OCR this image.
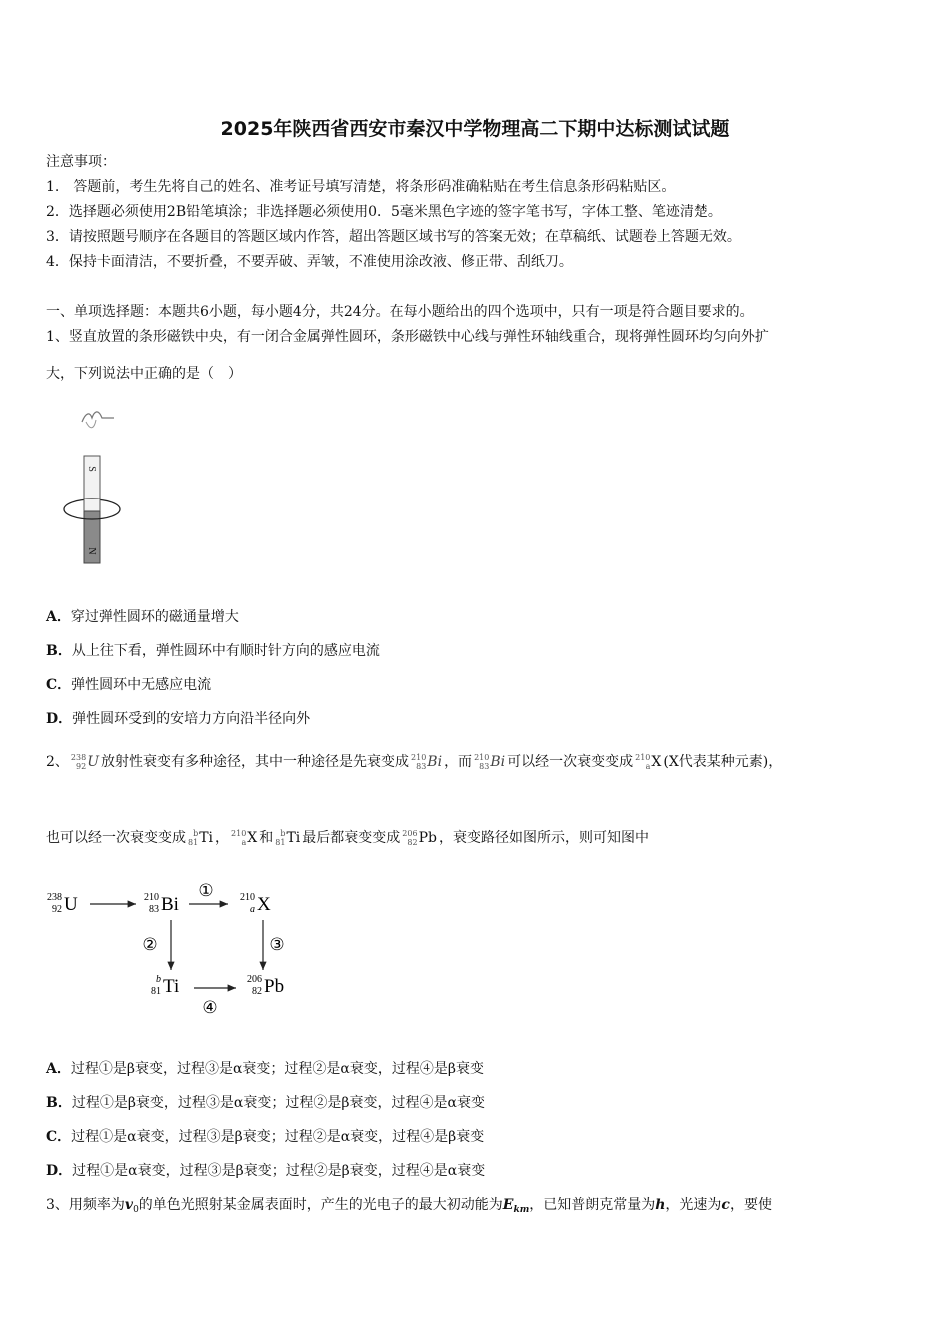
2025年陕西省西安市秦汉中学物理高二下期中达标测试试题
注意事项：
1.　答题前，考生先将自己的姓名、准考证号填写清楚，将条形码准确粘贴在考生信息条形码粘贴区。
2．选择题必须使用2B铅笔填涂；非选择题必须使用0．5毫米黑色字迹的签字笔书写，字体工整、笔迹清楚。
3．请按照题号顺序在各题目的答题区域内作答，超出答题区域书写的答案无效；在草稿纸、试题卷上答题无效。
4．保持卡面清洁，不要折叠，不要弄破、弄皱，不准使用涂改液、修正带、刮纸刀。
一、单项选择题：本题共6小题，每小题4分，共24分。在每小题给出的四个选项中，只有一项是符合题目要求的。
1、竖直放置的条形磁铁中央，有一闭合金属弹性圆环，条形磁铁中心线与弹性环轴线重合，现将弹性圆环均匀向外扩
大，下列说法中正确的是（　）
S
N
A．穿过弹性圆环的磁通量增大
B．从上往下看，弹性圆环中有顺时针方向的感应电流
C．弹性圆环中无感应电流
D．弹性圆环受到的安培力方向沿半径向外
2、 238
92 U 放射性衰变有多种途径，其中一种途径是先衰变成 210
83 Bi ，而 210
83 Bi 可以经一次衰变变成 210
a X (X代表某种元素)，
也可以经一次衰变变成 b
81 Ti ， 210
a X 和 b
81 Ti 最后都衰变变成 206
82 Pb ，衰变路径如图所示，则可知图中
238
92 U	210
83 Bi
①	210
a X
②	③
b
81 Ti
④
206
82 Pb
A．过程①是β衰变，过程③是α衰变；过程②是α衰变，过程④是β衰变
B．过程①是β衰变，过程③是α衰变；过程②是β衰变，过程④是α衰变
C．过程①是α衰变，过程③是β衰变；过程②是α衰变，过程④是β衰变
D．过程①是α衰变，过程③是β衰变；过程②是β衰变，过程④是α衰变
3、用频率为$v_0$的单色光照射某金属表面时，产生的光电子的最大初动能为$E_{km}$，已知普朗克常量为h，光速为c，要使
